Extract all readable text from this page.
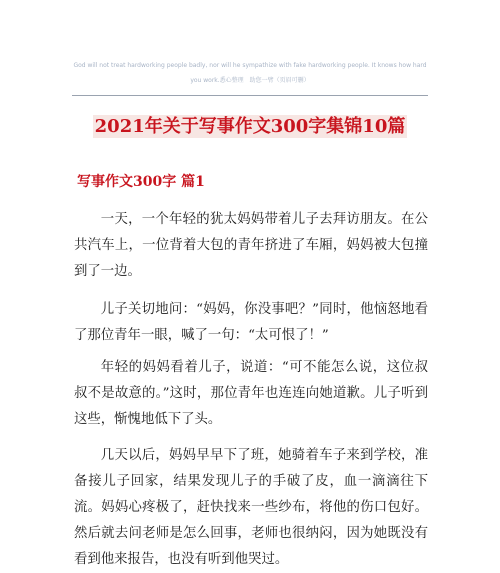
God will not treat hardworking people badly, nor will he sympathize with fake hardworking people. It knows how hard you work.悉心整理　助您一臂（页眉可删）
2021年关于写事作文300字集锦10篇
写事作文300字 篇1

一天，一个年轻的犹太妈妈带着儿子去拜访朋友。在公共汽车上，一位背着大包的青年挤进了车厢，妈妈被大包撞到了一边。

儿子关切地问：“妈妈，你没事吧？”同时，他恼怒地看了那位青年一眼，喊了一句：“太可恨了！”

年轻的妈妈看着儿子，说道：“可不能怎么说，这位叔叔不是故意的。”这时，那位青年也连连向她道歉。儿子听到这些，惭愧地低下了头。

几天以后，妈妈早早下了班，她骑着车子来到学校，准备接儿子回家，结果发现儿子的手破了皮，血一滴滴往下流。妈妈心疼极了，赶快找来一些纱布，将他的伤口包好。然后就去问老师是怎么回事，老师也很纳闷，因为她既没有看到他来报告，也没有听到他哭过。
